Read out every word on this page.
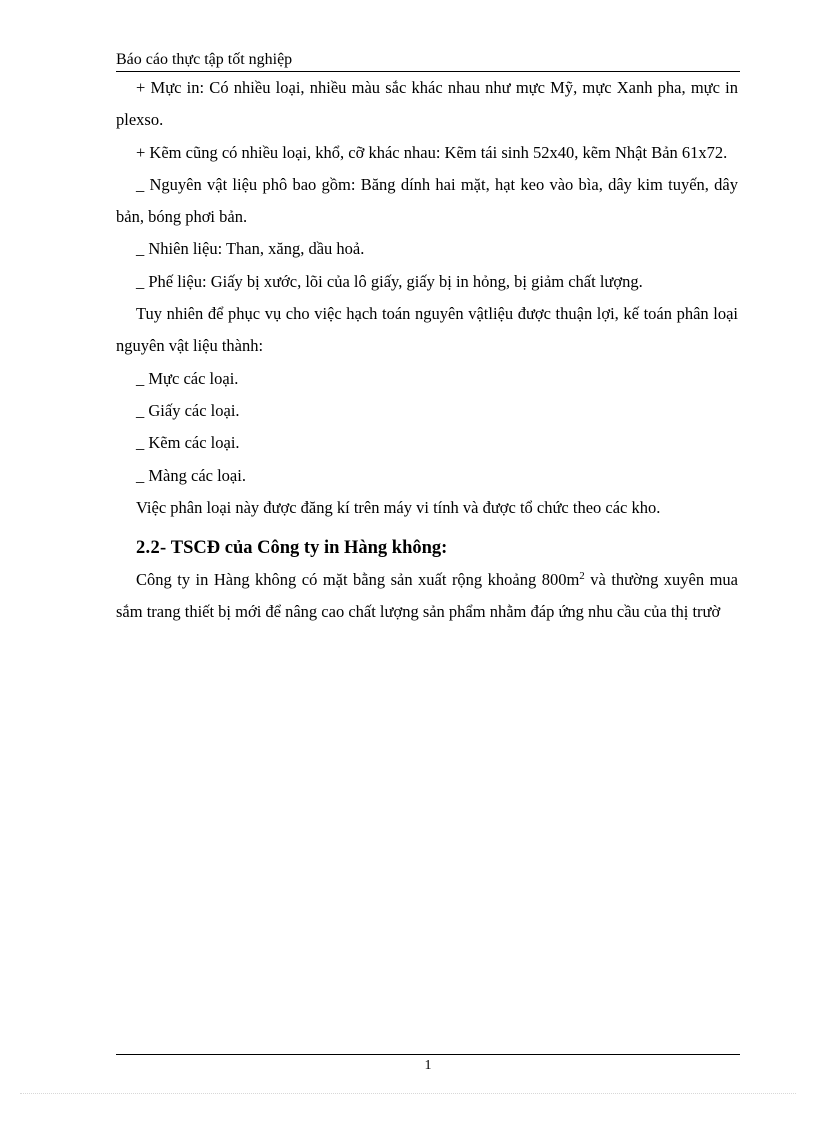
Báo cáo thực tập tốt nghiệp

+ Mực in: Có nhiều loại, nhiều màu sắc khác nhau như mực Mỹ, mực Xanh pha, mực in plexso.

+ Kẽm cũng có nhiều loại, khổ, cỡ khác nhau: Kẽm tái sinh 52x40, kẽm Nhật Bản 61x72.

_ Nguyên vật liệu phô bao gồm: Băng dính hai mặt, hạt keo vào bìa, dây kim tuyến, dây bản, bóng phơi bản.

_ Nhiên liệu: Than, xăng, dầu hoả.

_ Phế liệu: Giấy bị xước, lõi của lô giấy, giấy bị in hỏng, bị giảm chất lượng.

Tuy nhiên để phục vụ cho việc hạch toán nguyên vậtliệu được thuận lợi, kế toán phân loại nguyên vật liệu thành:

_ Mực các loại.

_ Giấy các loại.

_ Kẽm các loại.

_ Màng các loại.

Việc phân loại này được đăng kí trên máy vi tính và được tổ chức theo các kho.

2.2- TSCĐ của Công ty in Hàng không:

Công ty in Hàng không có mặt bằng sản xuất rộng khoảng $800m^2$ và thường xuyên mua sắm trang thiết bị mới để nâng cao chất lượng sản phẩm nhằm đáp ứng nhu cầu của thị trườ

1
